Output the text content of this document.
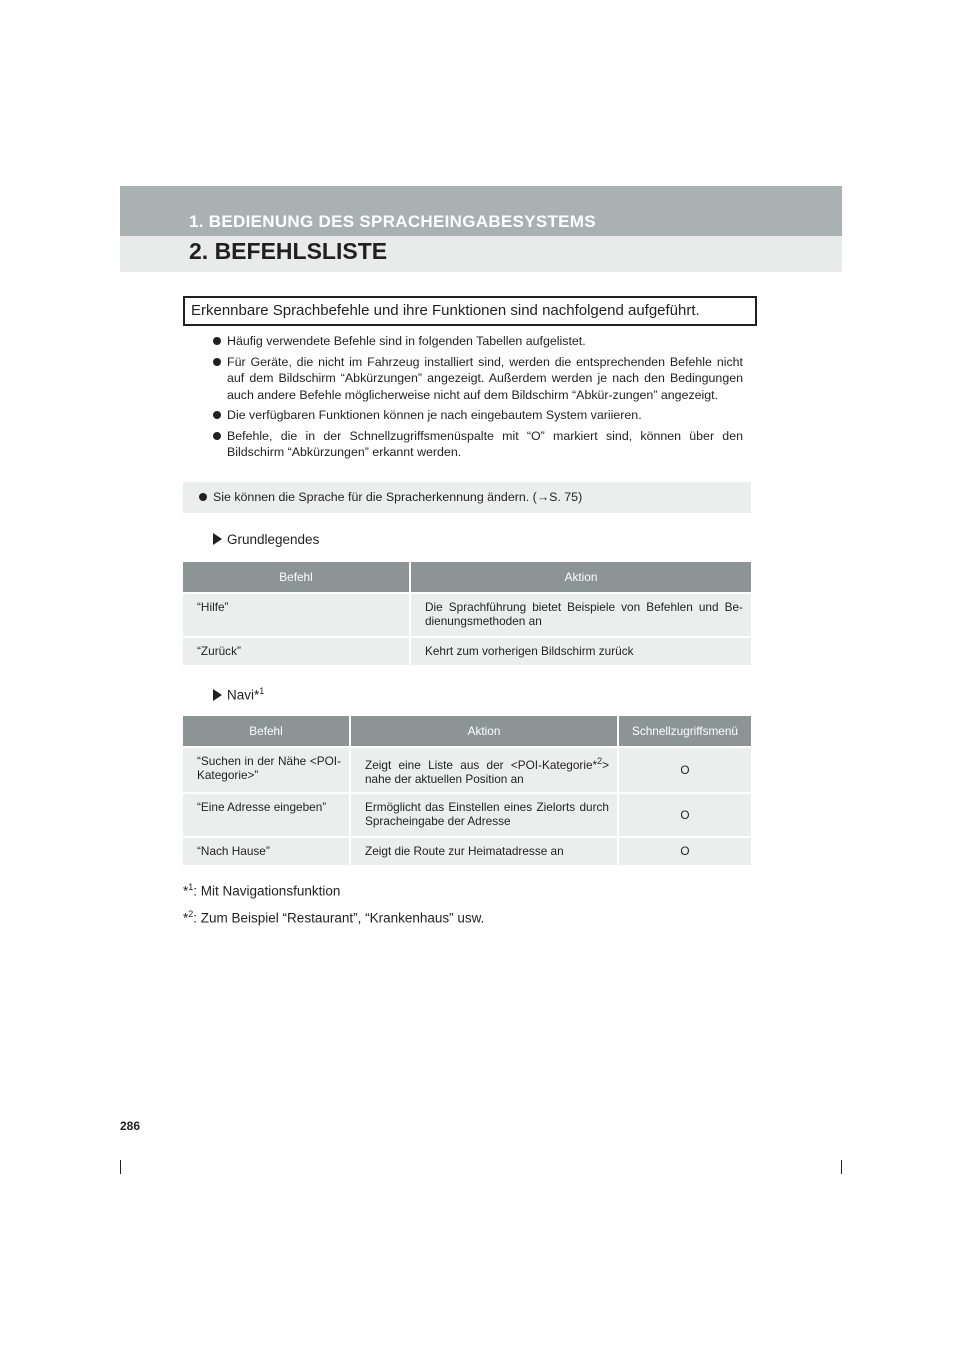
1. BEDIENUNG DES SPRACHEINGABESYSTEMS
2. BEFEHLSLISTE
Erkennbare Sprachbefehle und ihre Funktionen sind nachfolgend aufgeführt.
Häufig verwendete Befehle sind in folgenden Tabellen aufgelistet.
Für Geräte, die nicht im Fahrzeug installiert sind, werden die entsprechenden Befehle nicht auf dem Bildschirm “Abkürzungen” angezeigt. Außerdem werden je nach den Bedingungen auch andere Befehle möglicherweise nicht auf dem Bildschirm “Abkür-zungen” angezeigt.
Die verfügbaren Funktionen können je nach eingebautem System variieren.
Befehle, die in der Schnellzugriffsmenüspalte mit “O” markiert sind, können über den Bildschirm “Abkürzungen” erkannt werden.
Sie können die Sprache für die Spracherkennung ändern. (→S. 75)
Grundlegendes
Befehl	Aktion
“Hilfe”	Die Sprachführung bietet Beispiele von Befehlen und Be-dienungsmethoden an
“Zurück”	Kehrt zum vorherigen Bildschirm zurück
Navi*$^1$
Befehl	Aktion	Schnellzugriffsmenü
“Suchen in der Nähe <POI-Kategorie>”	Zeigt eine Liste aus der <POI-Kategorie*$^2$> nahe der aktuellen Position an	O
“Eine Adresse eingeben”	Ermöglicht das Einstellen eines Zielorts durch Spracheingabe der Adresse	O
“Nach Hause”	Zeigt die Route zur Heimatadresse an	O
*$^1$: Mit Navigationsfunktion
*$^2$: Zum Beispiel “Restaurant”, “Krankenhaus” usw.
286
